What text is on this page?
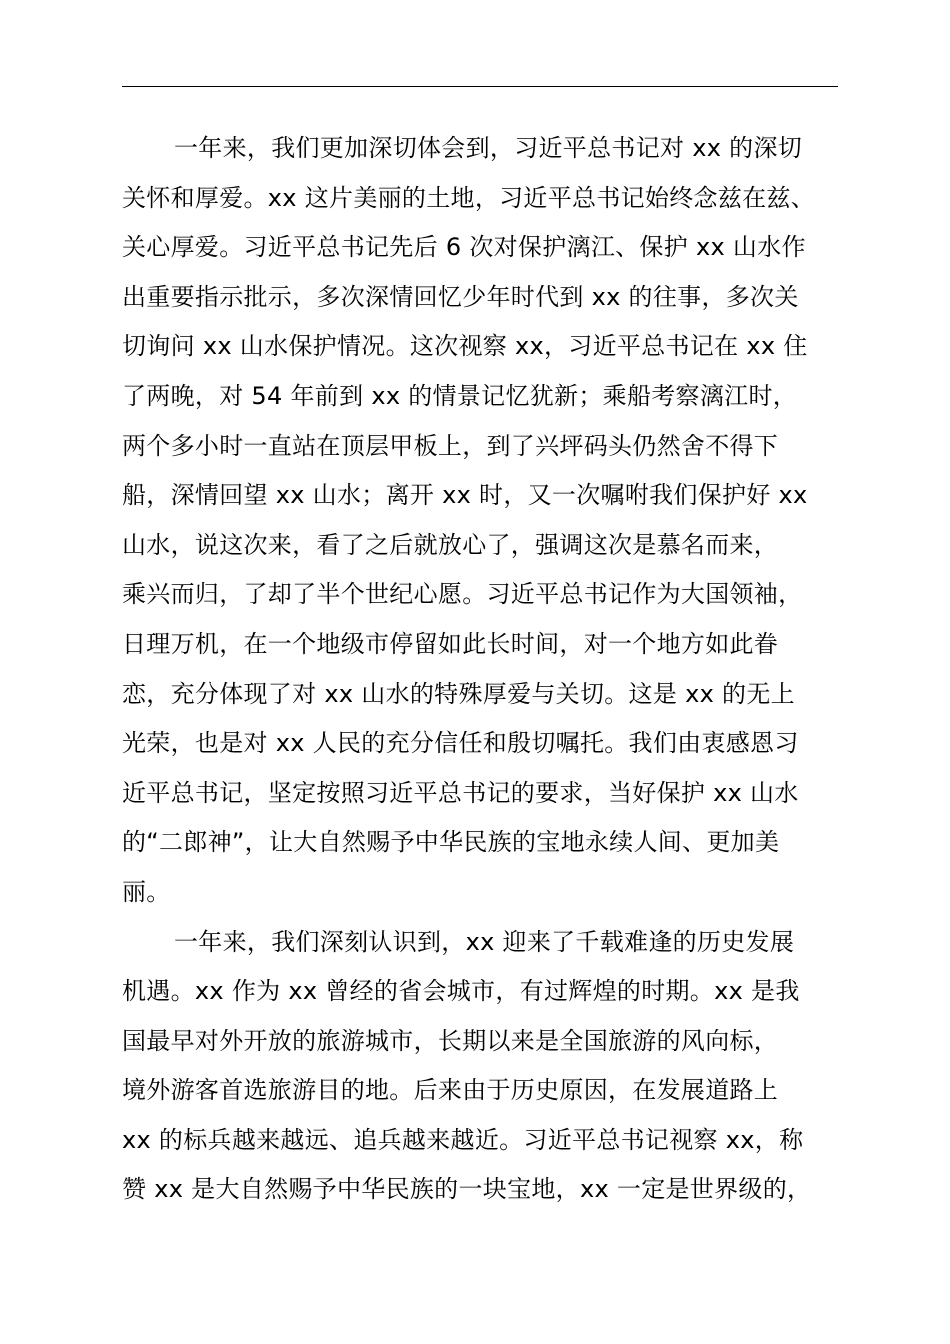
一年来，我们更加深切体会到，习近平总书记对 xx 的深切
关怀和厚爱。xx 这片美丽的土地，习近平总书记始终念兹在兹、
关心厚爱。习近平总书记先后 6 次对保护漓江、保护 xx 山水作
出重要指示批示，多次深情回忆少年时代到 xx 的往事，多次关
切询问 xx 山水保护情况。这次视察 xx，习近平总书记在 xx 住
了两晚，对 54 年前到 xx 的情景记忆犹新；乘船考察漓江时，
两个多小时一直站在顶层甲板上，到了兴坪码头仍然舍不得下
船，深情回望 xx 山水；离开 xx 时，又一次嘱咐我们保护好 xx
山水，说这次来，看了之后就放心了，强调这次是慕名而来，
乘兴而归，了却了半个世纪心愿。习近平总书记作为大国领袖，
日理万机，在一个地级市停留如此长时间，对一个地方如此眷
恋，充分体现了对 xx 山水的特殊厚爱与关切。这是 xx 的无上
光荣，也是对 xx 人民的充分信任和殷切嘱托。我们由衷感恩习
近平总书记，坚定按照习近平总书记的要求，当好保护 xx 山水
的“二郎神”，让大自然赐予中华民族的宝地永续人间、更加美
丽。
一年来，我们深刻认识到，xx 迎来了千载难逢的历史发展
机遇。xx 作为 xx 曾经的省会城市，有过辉煌的时期。xx 是我
国最早对外开放的旅游城市，长期以来是全国旅游的风向标，
境外游客首选旅游目的地。后来由于历史原因，在发展道路上
xx 的标兵越来越远、追兵越来越近。习近平总书记视察 xx，称
赞 xx 是大自然赐予中华民族的一块宝地，xx 一定是世界级的，
